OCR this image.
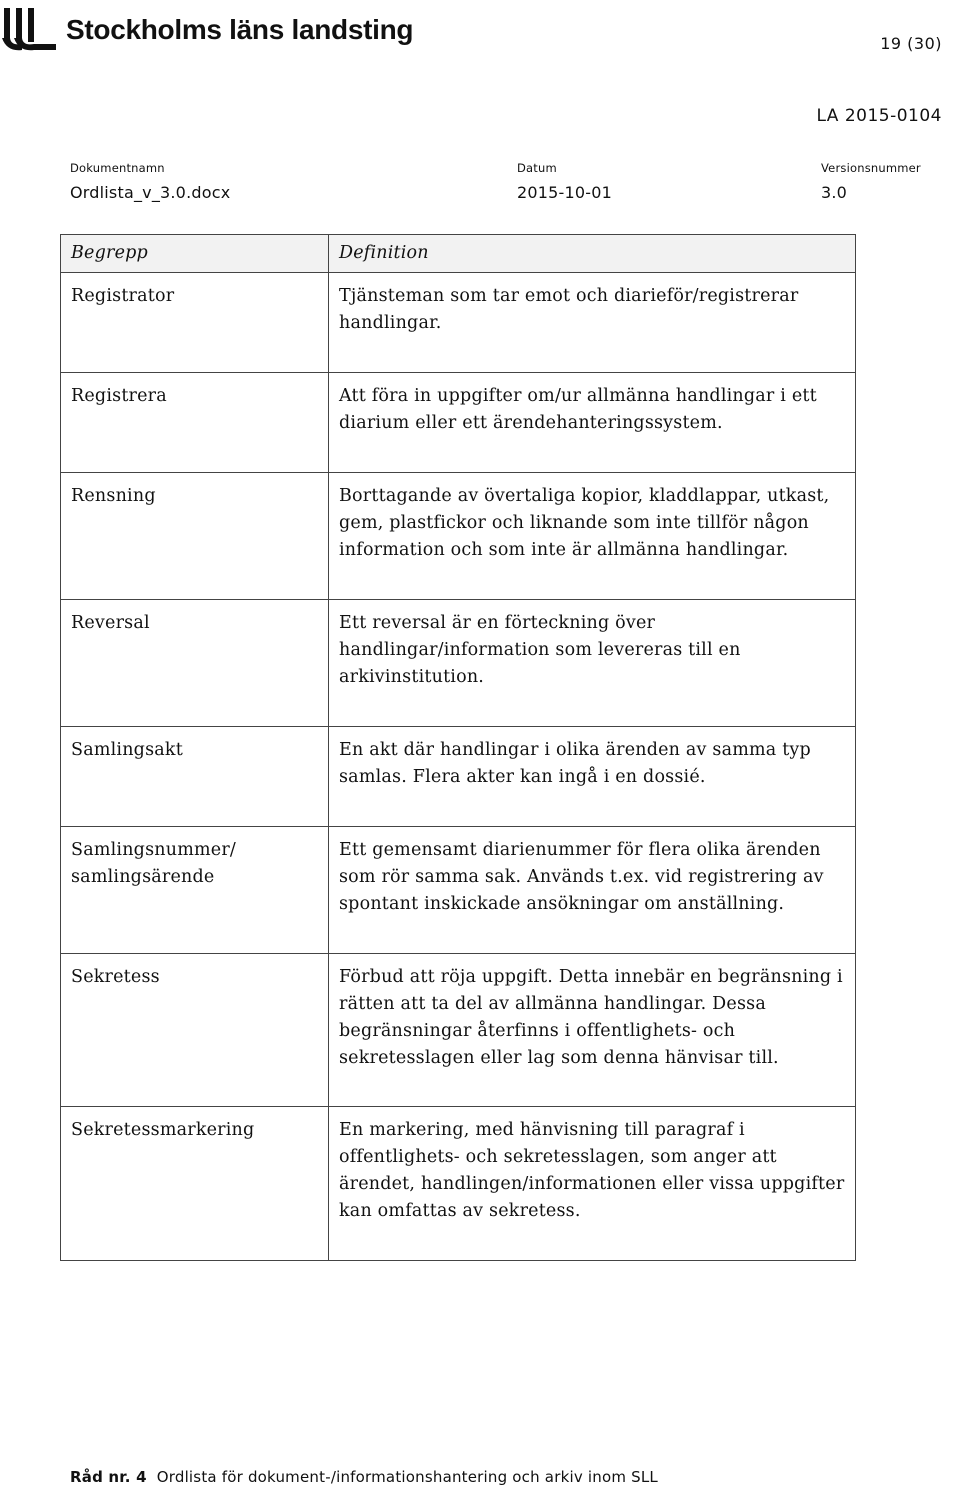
Stockholms läns landsting	19 (30)
LA 2015-0104
Dokumentnamn
Ordlista_v_3.0.docx
Datum
2015-10-01
Versionsnummer
3.0
Begrepp	Definition
Registrator	Tjänsteman som tar emot och diarieför/registrerar handlingar.
Registrera	Att föra in uppgifter om/ur allmänna handlingar i ett diarium eller ett ärendehanteringssystem.
Rensning	Borttagande av övertaliga kopior, kladdlappar, utkast, gem, plastfickor och liknande som inte tillför någon information och som inte är allmänna handlingar.
Reversal	Ett reversal är en förteckning över handlingar/information som levereras till en arkivinstitution.
Samlingsakt	En akt där handlingar i olika ärenden av samma typ samlas. Flera akter kan ingå i en dossié.
Samlingsnummer/ samlingsärende	Ett gemensamt diarienummer för flera olika ärenden som rör samma sak. Används t.ex. vid registrering av spontant inskickade ansökningar om anställning.
Sekretess	Förbud att röja uppgift. Detta innebär en begränsning i rätten att ta del av allmänna handlingar. Dessa begränsningar återfinns i offentlighets- och sekretesslagen eller lag som denna hänvisar till.
Sekretessmarkering	En markering, med hänvisning till paragraf i offentlighets- och sekretesslagen, som anger att ärendet, handlingen/informationen eller vissa uppgifter kan omfattas av sekretess.
Råd nr. 4 Ordlista för dokument-/informationshantering och arkiv inom SLL
